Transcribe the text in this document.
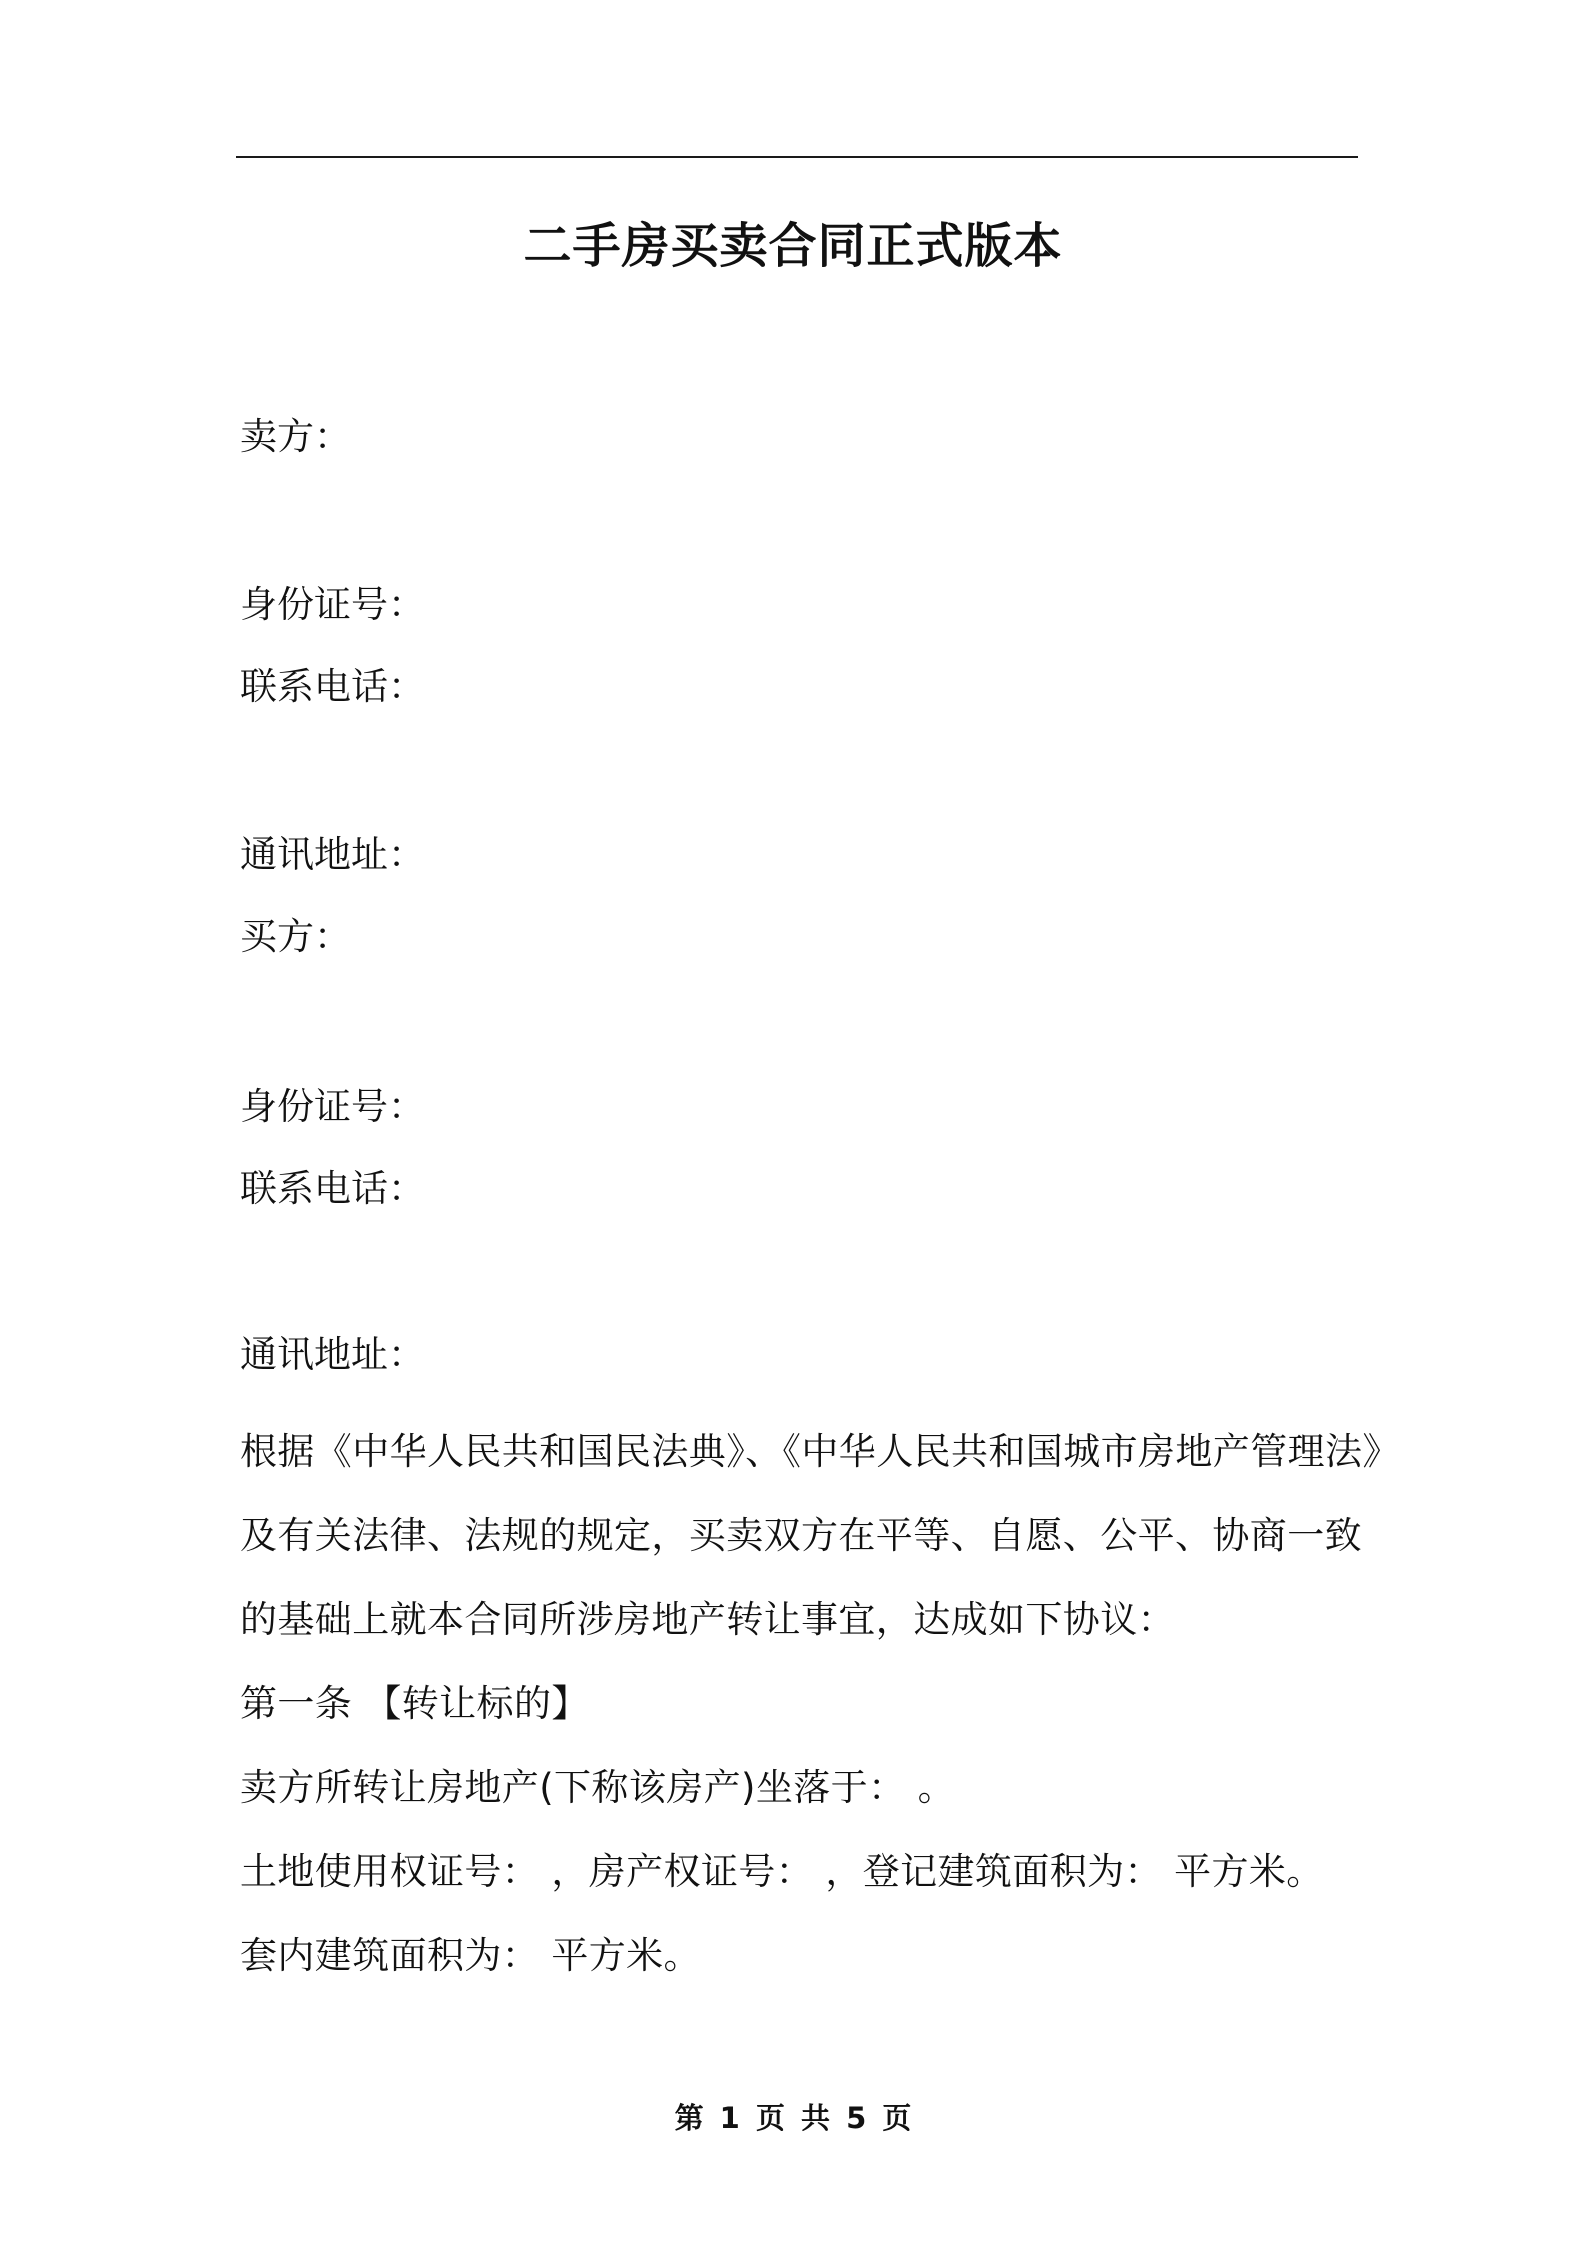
二手房买卖合同正式版本
卖方：
身份证号：
联系电话：
通讯地址：
买方：
身份证号：
联系电话：
通讯地址：
根据《中华人民共和国民法典》、《中华人民共和国城市房地产管理法》
及有关法律、法规的规定，买卖双方在平等、自愿、公平、协商一致
的基础上就本合同所涉房地产转让事宜，达成如下协议：
第一条 【转让标的】
卖方所转让房地产(下称该房产)坐落于： 。
土地使用权证号： ，房产权证号： ，登记建筑面积为： 平方米。
套内建筑面积为： 平方米。
第 1 页 共 5 页
